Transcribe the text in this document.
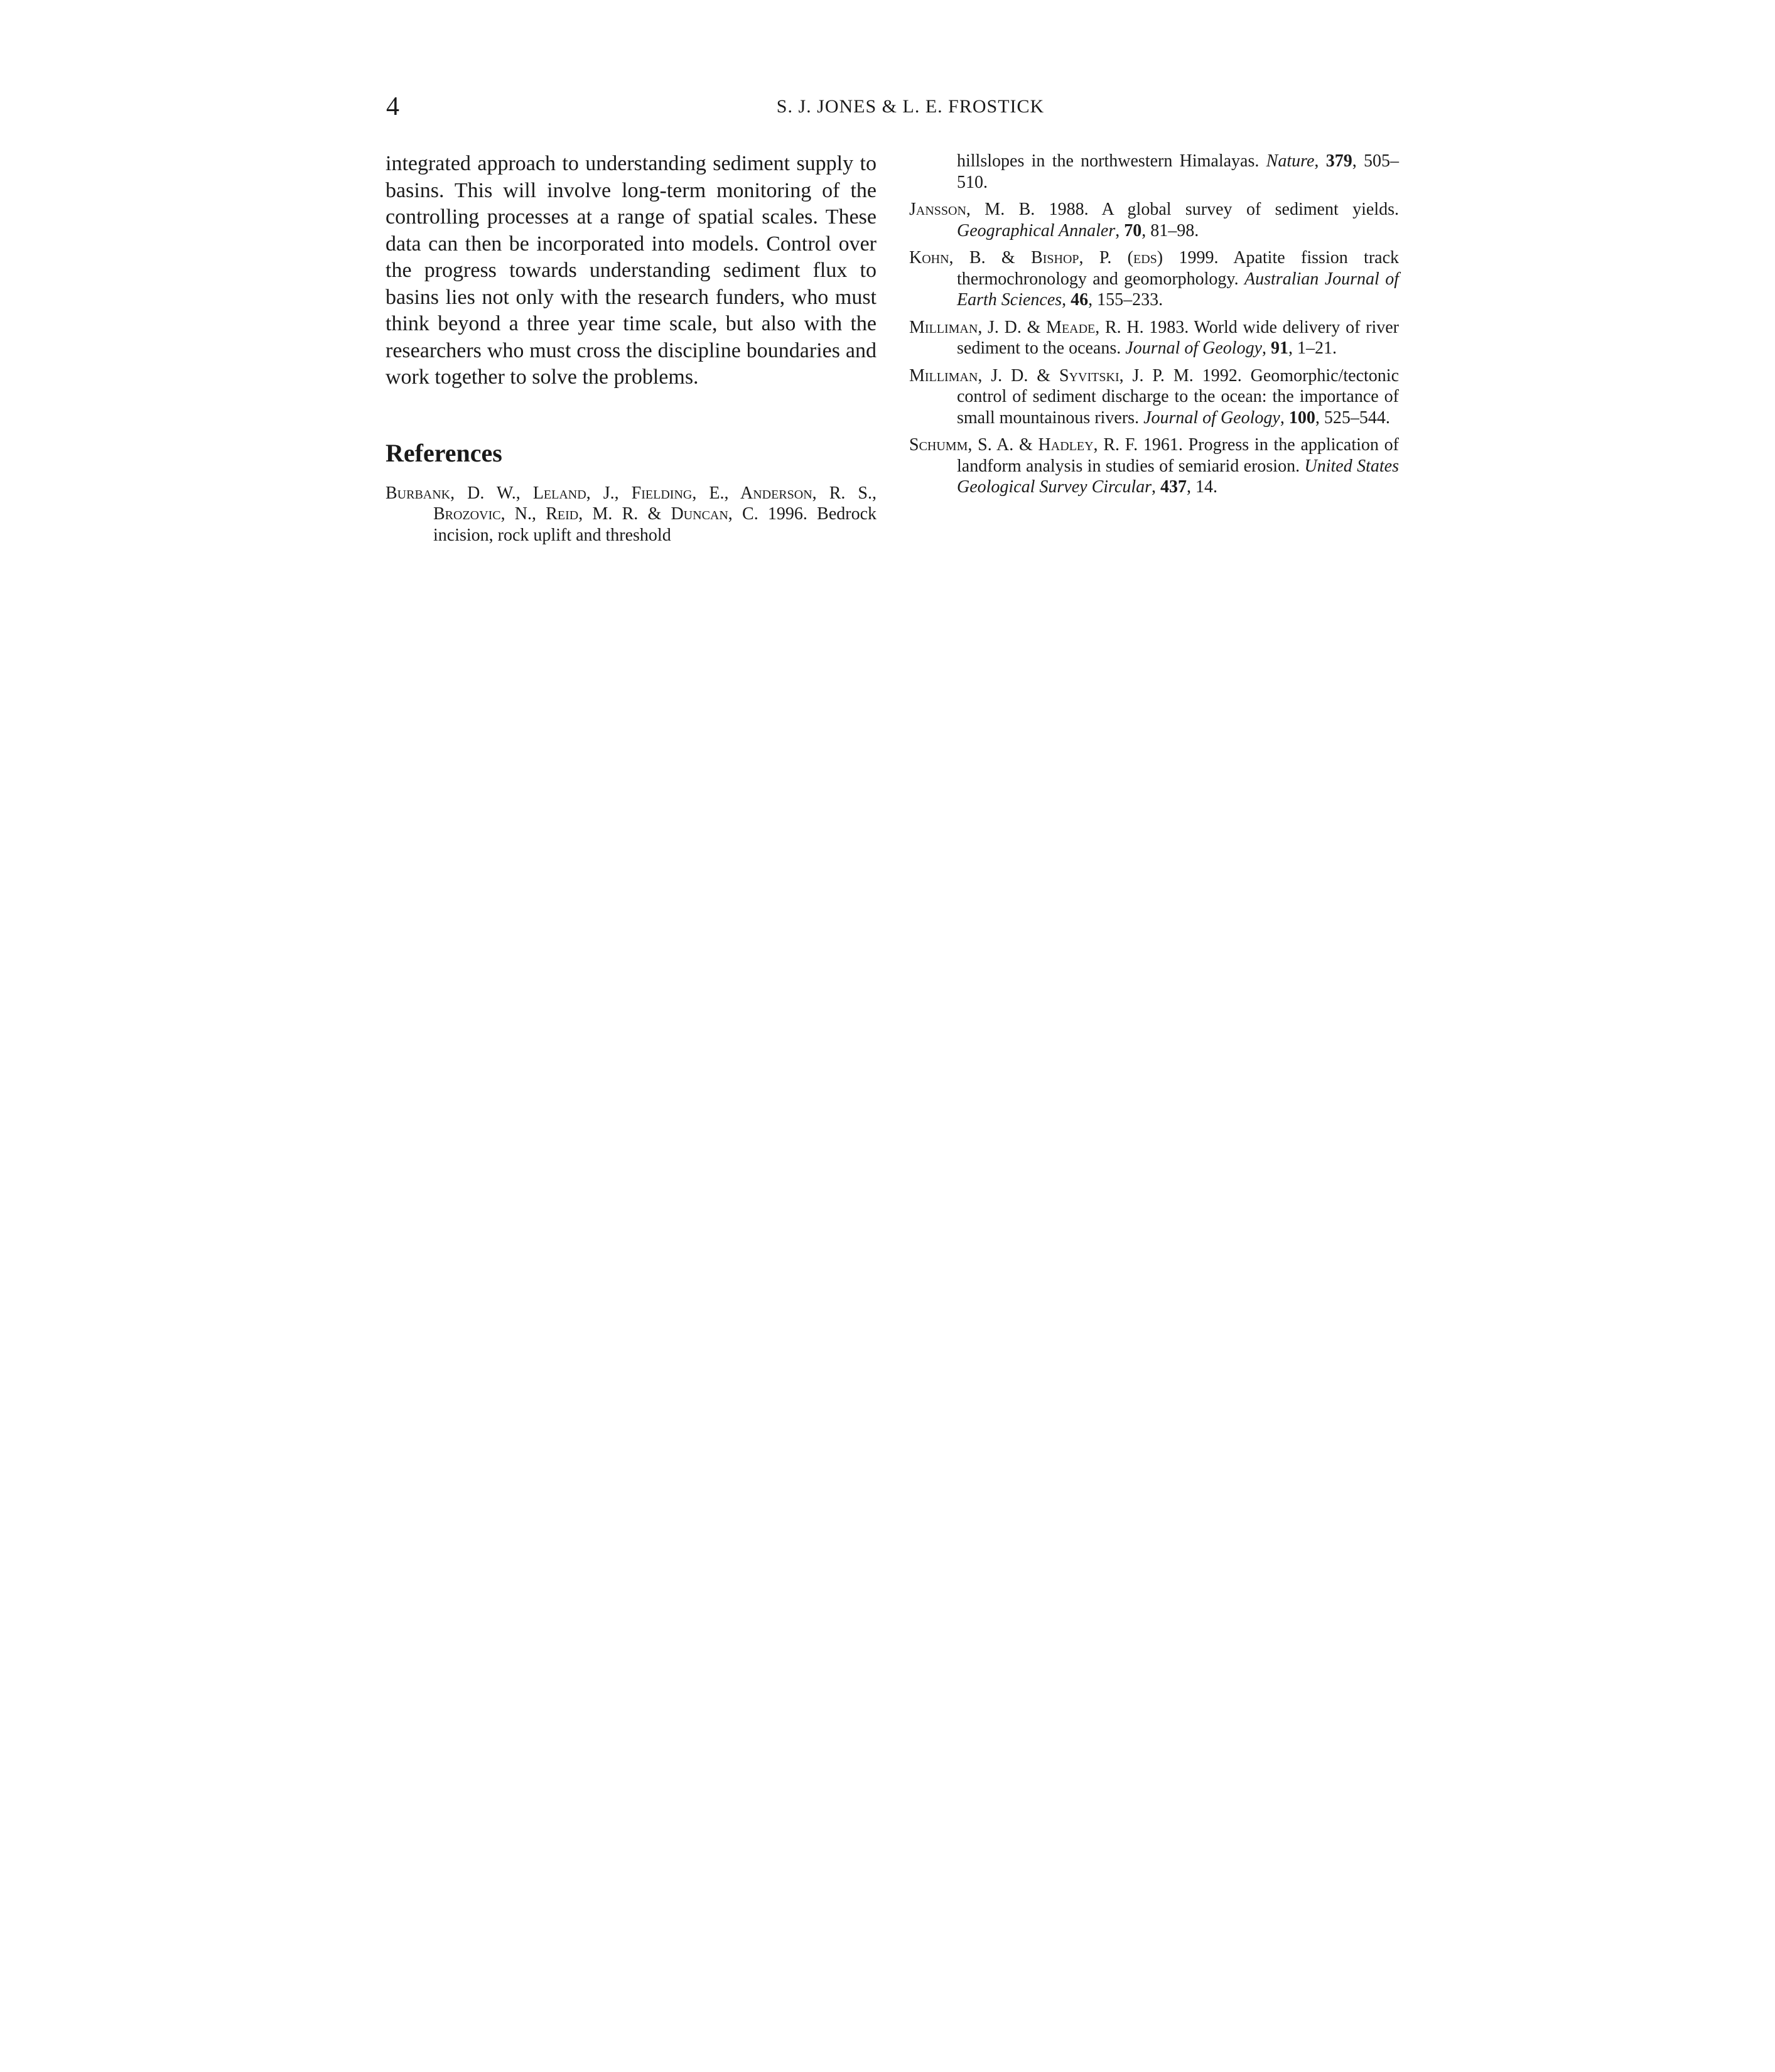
4	S. J. JONES & L. E. FROSTICK

integrated approach to understanding sediment supply to basins. This will involve long-term monitoring of the controlling processes at a range of spatial scales. These data can then be incorporated into models. Control over the progress towards understanding sediment flux to basins lies not only with the research funders, who must think beyond a three year time scale, but also with the researchers who must cross the discipline boundaries and work together to solve the problems.

References

Burbank, D. W., Leland, J., Fielding, E., Anderson, R. S., Brozovic, N., Reid, M. R. & Duncan, C. 1996. Bedrock incision, rock uplift and threshold

hillslopes in the northwestern Himalayas. Nature, 379, 505–510.

Jansson, M. B. 1988. A global survey of sediment yields. Geographical Annaler, 70, 81–98.

Kohn, B. & Bishop, P. (eds) 1999. Apatite fission track thermochronology and geomorphology. Australian Journal of Earth Sciences, 46, 155–233.

Milliman, J. D. & Meade, R. H. 1983. World wide delivery of river sediment to the oceans. Journal of Geology, 91, 1–21.

Milliman, J. D. & Syvitski, J. P. M. 1992. Geomorphic/tectonic control of sediment discharge to the ocean: the importance of small mountainous rivers. Journal of Geology, 100, 525–544.

Schumm, S. A. & Hadley, R. F. 1961. Progress in the application of landform analysis in studies of semiarid erosion. United States Geological Survey Circular, 437, 14.
